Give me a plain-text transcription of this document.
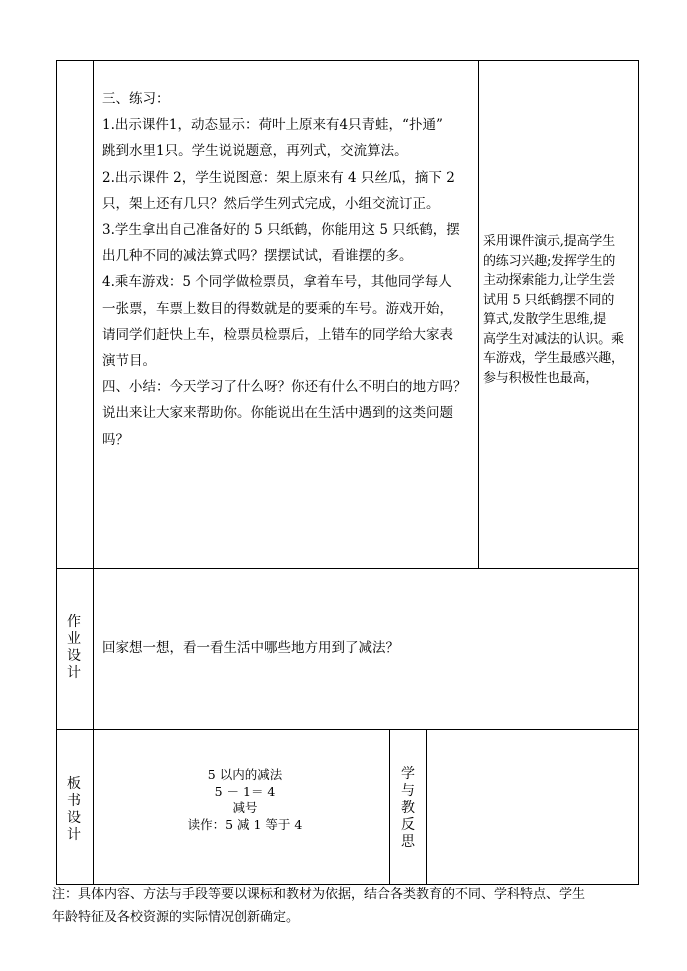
三、练习：
1.出示课件1，动态显示：荷叶上原来有4只青蛙，“扑通”
跳到水里1只。学生说说题意，再列式，交流算法。
2.出示课件 2，学生说图意：架上原来有 4 只丝瓜，摘下 2
只，架上还有几只？然后学生列式完成，小组交流订正。
3.学生拿出自己准备好的 5 只纸鹤，你能用这 5 只纸鹤，摆
出几种不同的减法算式吗？摆摆试试，看谁摆的多。
4.乘车游戏：5 个同学做检票员，拿着车号，其他同学每人
一张票，车票上数目的得数就是的要乘的车号。游戏开始，
请同学们赶快上车，检票员检票后，上错车的同学给大家表
演节目。
四、小结：今天学习了什么呀？你还有什么不明白的地方吗？
说出来让大家来帮助你。你能说出在生活中遇到的这类问题
吗？
采用课件演示,提高学生
的练习兴趣;发挥学生的
主动探索能力,让学生尝
试用 5 只纸鹤摆不同的
算式,发散学生思维,提
高学生对减法的认识。乘
车游戏，学生最感兴趣，
参与积极性也最高，
作
业
设
计
回家想一想，看一看生活中哪些地方用到了减法？
板
书
设
计
5 以内的减法
5 － 1＝ 4
减号
读作：5 减 1 等于 4
学
与
教
反
思
注：具体内容、方法与手段等要以课标和教材为依据，结合各类教育的不同、学科特点、学生
年龄特征及各校资源的实际情况创新确定。
